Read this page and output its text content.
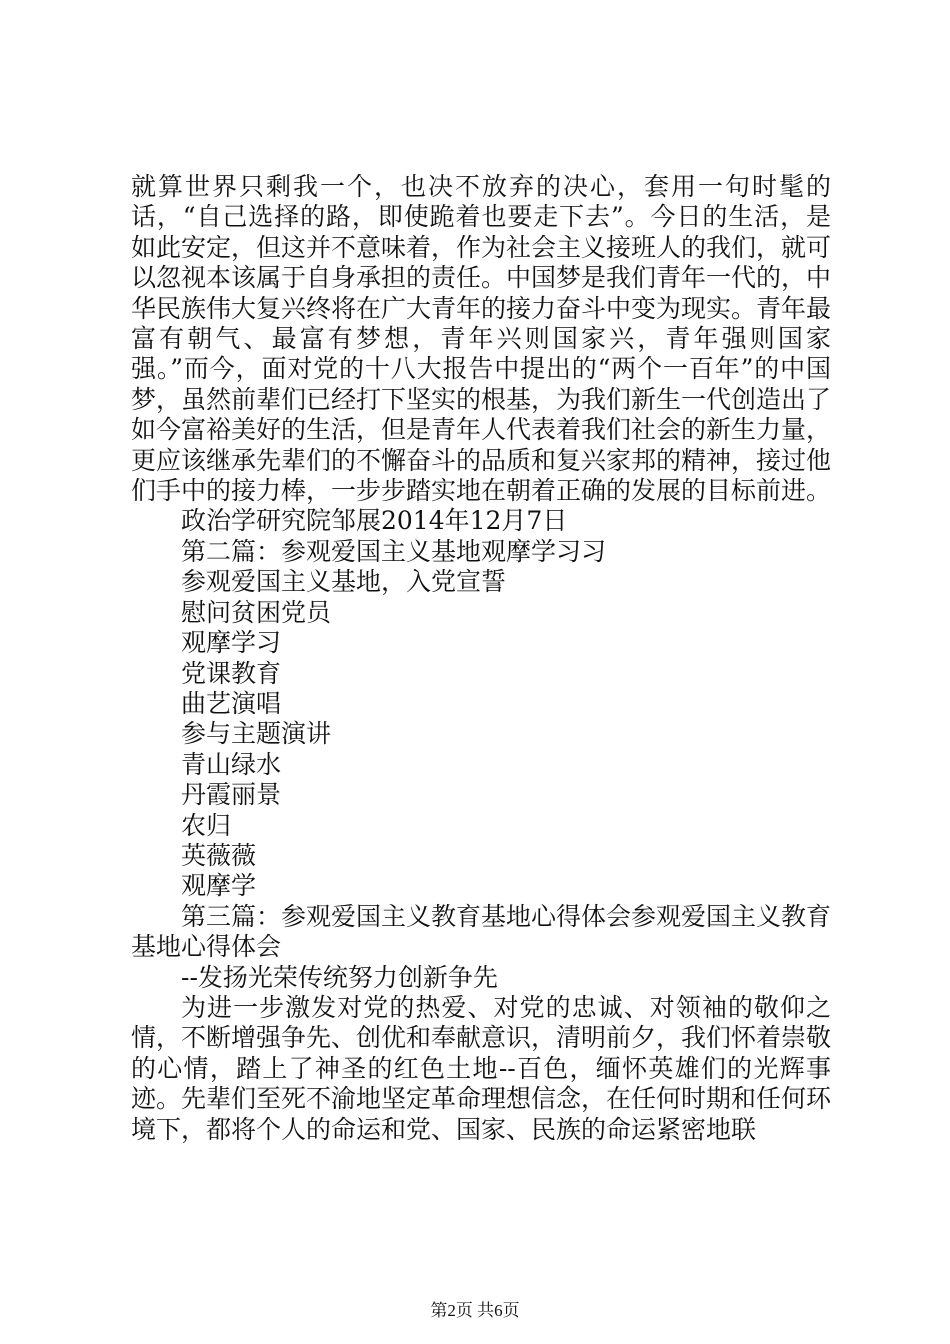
就算世界只剩我一个，也决不放弃的决心，套用一句时髦的话，“自己选择的路，即使跪着也要走下去”。今日的生活，是如此安定，但这并不意味着，作为社会主义接班人的我们，就可以忽视本该属于自身承担的责任。中国梦是我们青年一代的，中华民族伟大复兴终将在广大青年的接力奋斗中变为现实。青年最富有朝气、最富有梦想，青年兴则国家兴，青年强则国家强。”而今，面对党的十八大报告中提出的“两个一百年”的中国梦，虽然前辈们已经打下坚实的根基，为我们新生一代创造出了如今富裕美好的生活，但是青年人代表着我们社会的新生力量，更应该继承先辈们的不懈奋斗的品质和复兴家邦的精神，接过他们手中的接力棒，一步步踏实地在朝着正确的发展的目标前进。

政治学研究院邹展2014年12月7日

第二篇：参观爱国主义基地观摩学习习

参观爱国主义基地，入党宣誓

慰问贫困党员

观摩学习

党课教育

曲艺演唱

参与主题演讲

青山绿水

丹霞丽景

农归

英薇薇

观摩学

第三篇：参观爱国主义教育基地心得体会参观爱国主义教育基地心得体会

--发扬光荣传统努力创新争先

为进一步激发对党的热爱、对党的忠诚、对领袖的敬仰之情，不断增强争先、创优和奉献意识，清明前夕，我们怀着崇敬的心情，踏上了神圣的红色土地--百色，缅怀英雄们的光辉事迹。先辈们至死不渝地坚定革命理想信念，在任何时期和任何环境下，都将个人的命运和党、国家、民族的命运紧密地联

第2页 共6页
